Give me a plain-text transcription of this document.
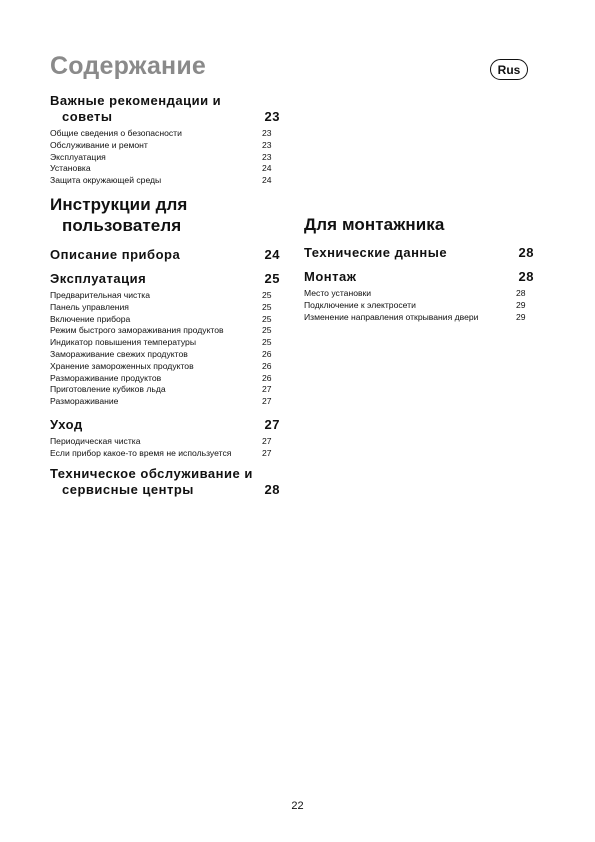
Содержание	Rus
Важные рекомендации и
советы	23
Общие сведения о безопасности	23
Обслуживание и ремонт	23
Эксплуатация	23
Установка	24
Защита окружающей среды	24
Инструкции для
пользователя
Описание прибора	24
Эксплуатация	25
Предварительная чистка	25
Панель управления	25
Включение прибора	25
Режим быстрого замораживания продуктов	25
Индикатор повышения температуры	25
Замораживание свежих продуктов	26
Хранение замороженных продуктов	26
Размораживание продуктов	26
Приготовление кубиков льда	27
Размораживание	27
Уход	27
Периодическая чистка	27
Если прибор какое-то время не используется	27
Техническое обслуживание и
сервисные центры	28
Для монтажника
Технические данные	28
Монтаж	28
Место установки	28
Подключение к электросети	29
Изменение направления открывания двери	29
22
